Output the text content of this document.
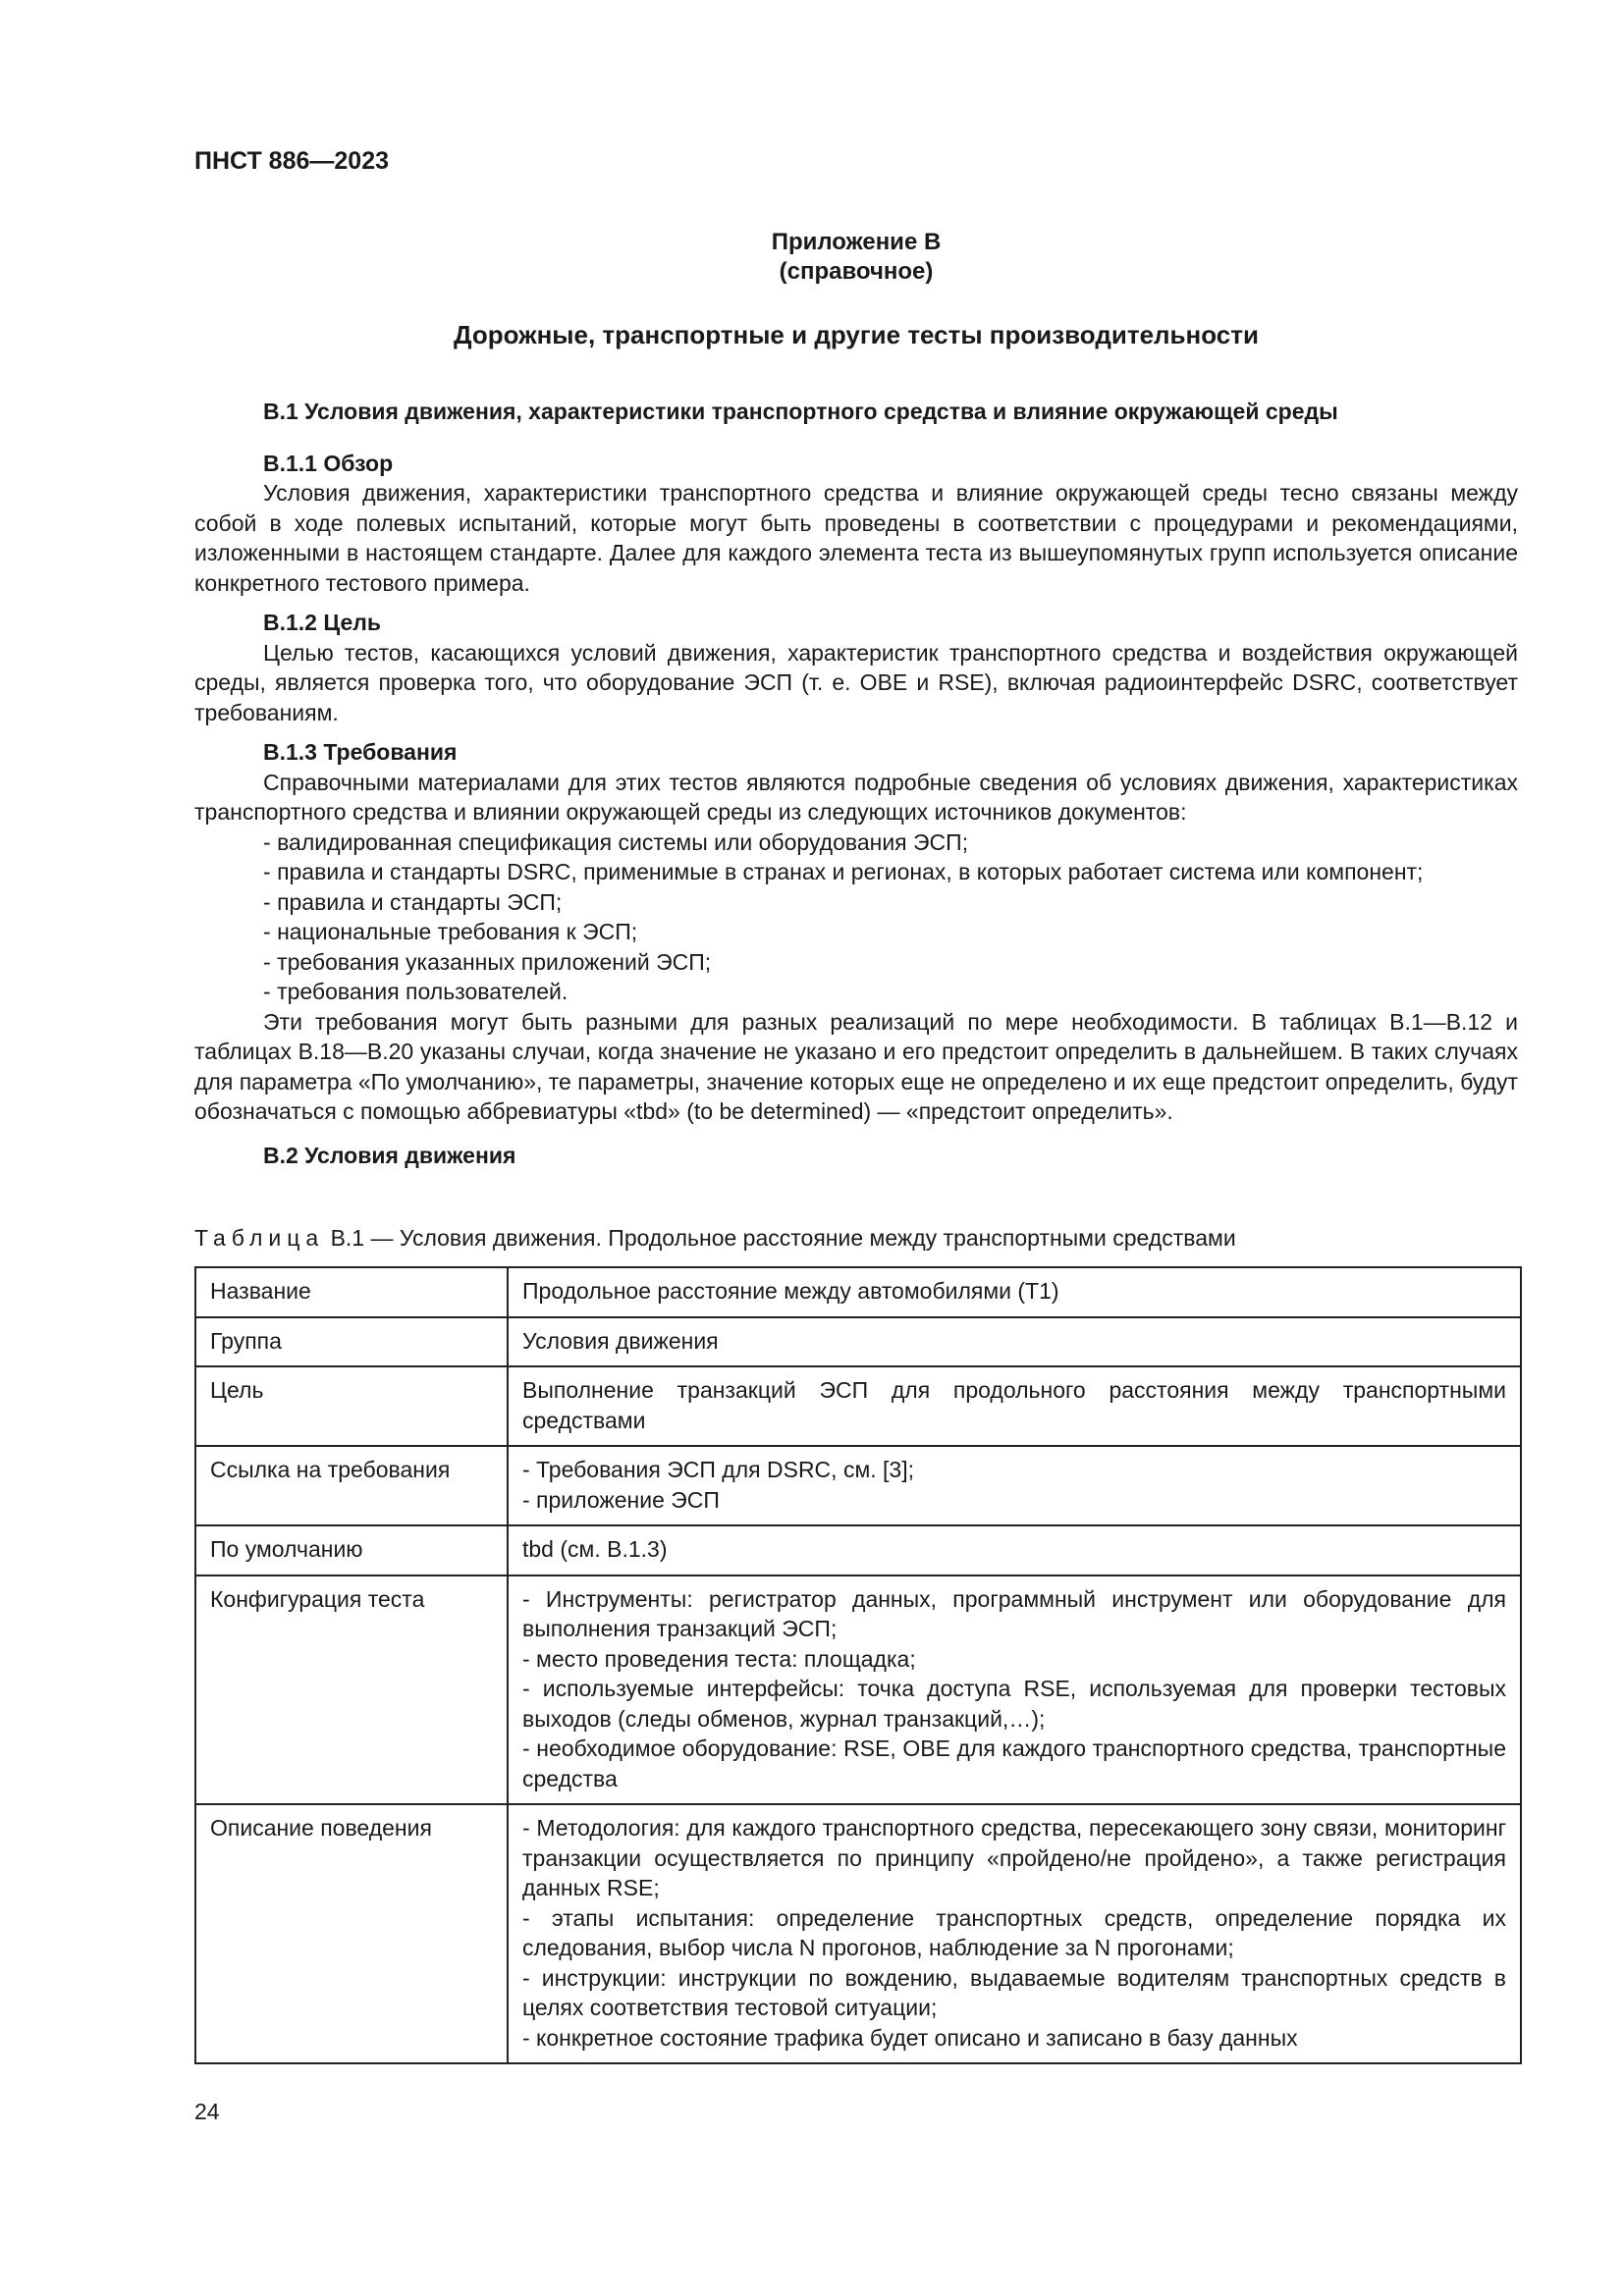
ПНСТ 886—2023
Приложение В
(справочное)
Дорожные, транспортные и другие тесты производительности
В.1 Условия движения, характеристики транспортного средства и влияние окружающей среды
В.1.1 Обзор

Условия движения, характеристики транспортного средства и влияние окружающей среды тесно связаны между собой в ходе полевых испытаний, которые могут быть проведены в соответствии с процедурами и рекомендациями, изложенными в настоящем стандарте. Далее для каждого элемента теста из вышеупомянутых групп используется описание конкретного тестового примера.

В.1.2 Цель

Целью тестов, касающихся условий движения, характеристик транспортного средства и воздействия окружающей среды, является проверка того, что оборудование ЭСП (т. е. OBE и RSE), включая радиоинтерфейс DSRC, соответствует требованиям.

В.1.3 Требования

Справочными материалами для этих тестов являются подробные сведения об условиях движения, характеристиках транспортного средства и влиянии окружающей среды из следующих источников документов:

- валидированная спецификация системы или оборудования ЭСП;
- правила и стандарты DSRC, применимые в странах и регионах, в которых работает система или компонент;
- правила и стандарты ЭСП;
- национальные требования к ЭСП;
- требования указанных приложений ЭСП;
- требования пользователей.

Эти требования могут быть разными для разных реализаций по мере необходимости. В таблицах В.1—В.12 и таблицах В.18—В.20 указаны случаи, когда значение не указано и его предстоит определить в дальнейшем. В таких случаях для параметра «По умолчанию», те параметры, значение которых еще не определено и их еще предстоит определить, будут обозначаться с помощью аббревиатуры «tbd» (to be determined) — «предстоит определить».

В.2 Условия движения
Таблица В.1 — Условия движения. Продольное расстояние между транспортными средствами
Название	Продольное расстояние между автомобилями (Т1)
Группа	Условия движения
Цель	Выполнение транзакций ЭСП для продольного расстояния между транспортными средствами
Ссылка на требования	- Требования ЭСП для DSRC, см. [3];
- приложение ЭСП

По умолчанию	tbd (см. В.1.3)
Конфигурация теста	- Инструменты: регистратор данных, программный инструмент или оборудование для выполнения транзакций ЭСП;
- место проведения теста: площадка;
- используемые интерфейсы: точка доступа RSE, используемая для проверки тестовых выходов (следы обменов, журнал транзакций,…);
- необходимое оборудование: RSE, OBE для каждого транспортного средства, транспортные средства

Описание поведения	- Методология: для каждого транспортного средства, пересекающего зону связи, мониторинг транзакции осуществляется по принципу «пройдено/не пройдено», а также регистрация данных RSE;
- этапы испытания: определение транспортных средств, определение порядка их следования, выбор числа N прогонов, наблюдение за N прогонами;
- инструкции: инструкции по вождению, выдаваемые водителям транспортных средств в целях соответствия тестовой ситуации;
- конкретное состояние трафика будет описано и записано в базу данных
24
